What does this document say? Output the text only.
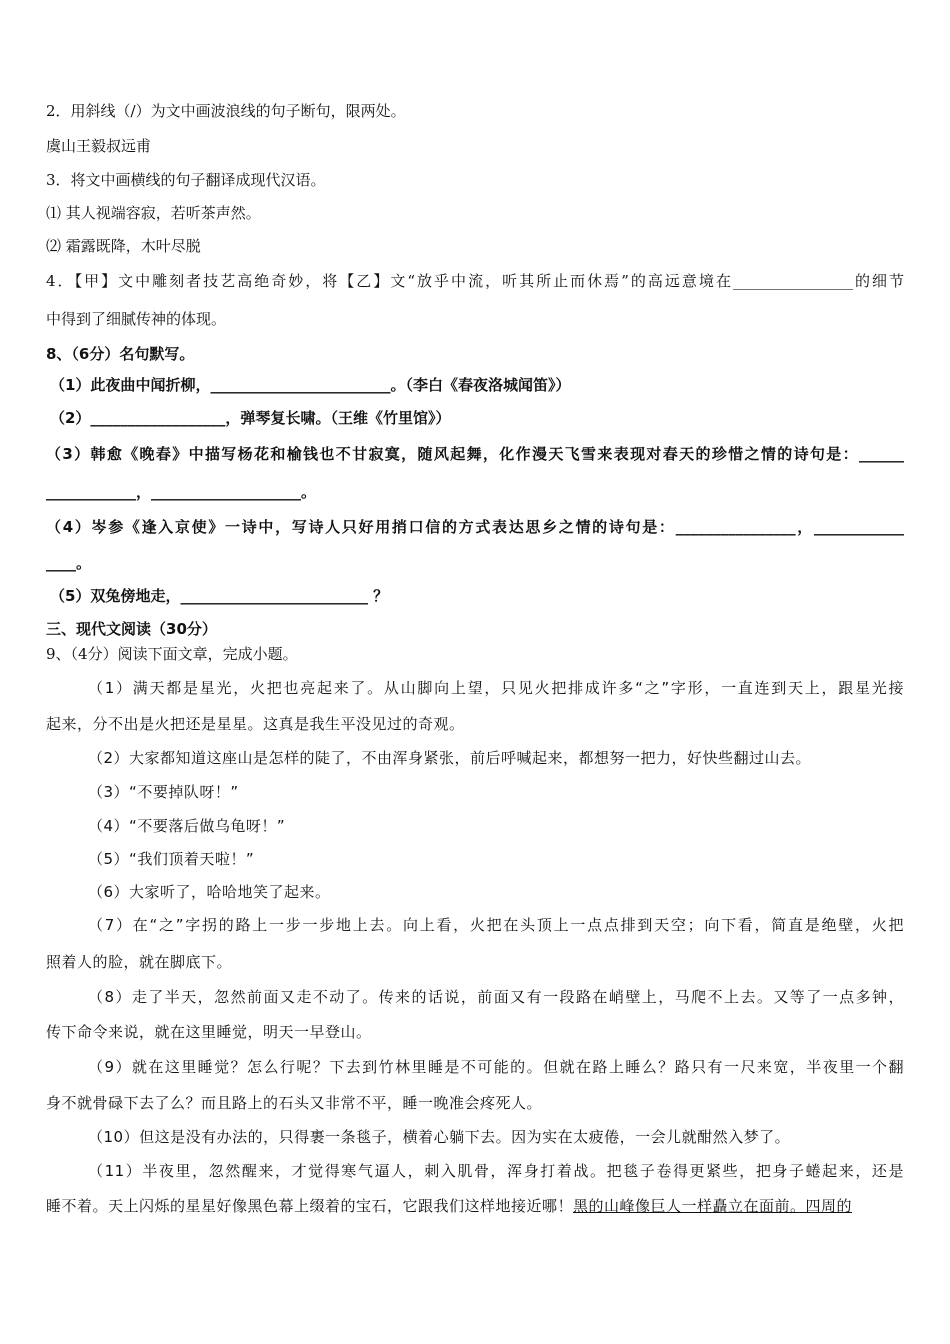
2．用斜线（/）为文中画波浪线的句子断句，限两处。
虞山王毅叔远甫
3．将文中画横线的句子翻译成现代汉语。
⑴ 其人视端容寂，若听茶声然。
⑵ 霜露既降，木叶尽脱
4．【甲】文中雕刻者技艺高绝奇妙，将【乙】文“放乎中流，听其所止而休焉”的高远意境在________________的细节
中得到了细腻传神的体现。
8、（6分）名句默写。
（1）此夜曲中闻折柳，________________________。（李白《春夜洛城闻笛》）
（2）__________________，弹琴复长啸。（王维《竹里馆》）
（3）韩愈《晚春》中描写杨花和榆钱也不甘寂寞，随风起舞，化作漫天飞雪来表现对春天的珍惜之情的诗句是：______
____________，____________________。
（4）岑参《逢入京使》一诗中，写诗人只好用捎口信的方式表达思乡之情的诗句是：________________，____________
____。
（5）双兔傍地走，_________________________ ？
三、现代文阅读（30分）
9、（4分）阅读下面文章，完成小题。
（1）满天都是星光，火把也亮起来了。从山脚向上望，只见火把排成许多“之”字形，一直连到天上，跟星光接
起来，分不出是火把还是星星。这真是我生平没见过的奇观。
（2）大家都知道这座山是怎样的陡了，不由浑身紧张，前后呼喊起来，都想努一把力，好快些翻过山去。
（3）“不要掉队呀！”
（4）“不要落后做乌龟呀！”
（5）“我们顶着天啦！”
（6）大家听了，哈哈地笑了起来。
（7）在“之”字拐的路上一步一步地上去。向上看，火把在头顶上一点点排到天空；向下看，简直是绝壁，火把
照着人的脸，就在脚底下。
（8）走了半天，忽然前面又走不动了。传来的话说，前面又有一段路在峭壁上，马爬不上去。又等了一点多钟，
传下命令来说，就在这里睡觉，明天一早登山。
（9）就在这里睡觉？怎么行呢？下去到竹林里睡是不可能的。但就在路上睡么？路只有一尺来宽，半夜里一个翻
身不就骨碌下去了么？而且路上的石头又非常不平，睡一晚准会疼死人。
（10）但这是没有办法的，只得裹一条毯子，横着心躺下去。因为实在太疲倦，一会儿就酣然入梦了。
（11）半夜里，忽然醒来，才觉得寒气逼人，刺入肌骨，浑身打着战。把毯子卷得更紧些，把身子蜷起来，还是
睡不着。天上闪烁的星星好像黑色幕上缀着的宝石，它跟我们这样地接近哪！黑的山峰像巨人一样矗立在面前。四周的
